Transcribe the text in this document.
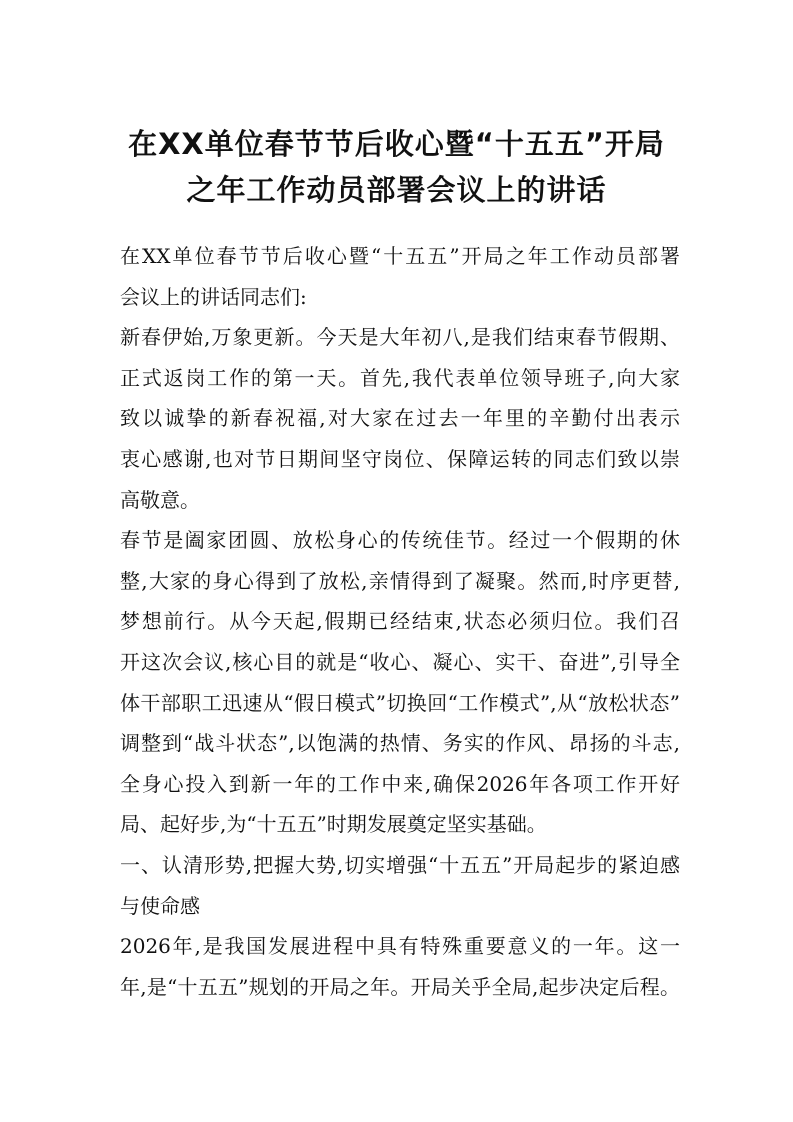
在XX单位春节节后收心暨“十五五”开局
之年工作动员部署会议上的讲话
在XX单位春节节后收心暨“十五五”开局之年工作动员部署
会议上的讲话同志们:
新春伊始,万象更新。今天是大年初八,是我们结束春节假期、
正式返岗工作的第一天。首先,我代表单位领导班子,向大家
致以诚挚的新春祝福,对大家在过去一年里的辛勤付出表示
衷心感谢,也对节日期间坚守岗位、保障运转的同志们致以崇
高敬意。
春节是阖家团圆、放松身心的传统佳节。经过一个假期的休
整,大家的身心得到了放松,亲情得到了凝聚。然而,时序更替,
梦想前行。从今天起,假期已经结束,状态必须归位。我们召
开这次会议,核心目的就是“收心、凝心、实干、奋进”,引导全
体干部职工迅速从“假日模式”切换回“工作模式”,从“放松状态”
调整到“战斗状态”,以饱满的热情、务实的作风、昂扬的斗志,
全身心投入到新一年的工作中来,确保2026年各项工作开好
局、起好步,为“十五五”时期发展奠定坚实基础。
一、认清形势,把握大势,切实增强“十五五”开局起步的紧迫感
与使命感
2026年,是我国发展进程中具有特殊重要意义的一年。这一
年,是“十五五”规划的开局之年。开局关乎全局,起步决定后程。
